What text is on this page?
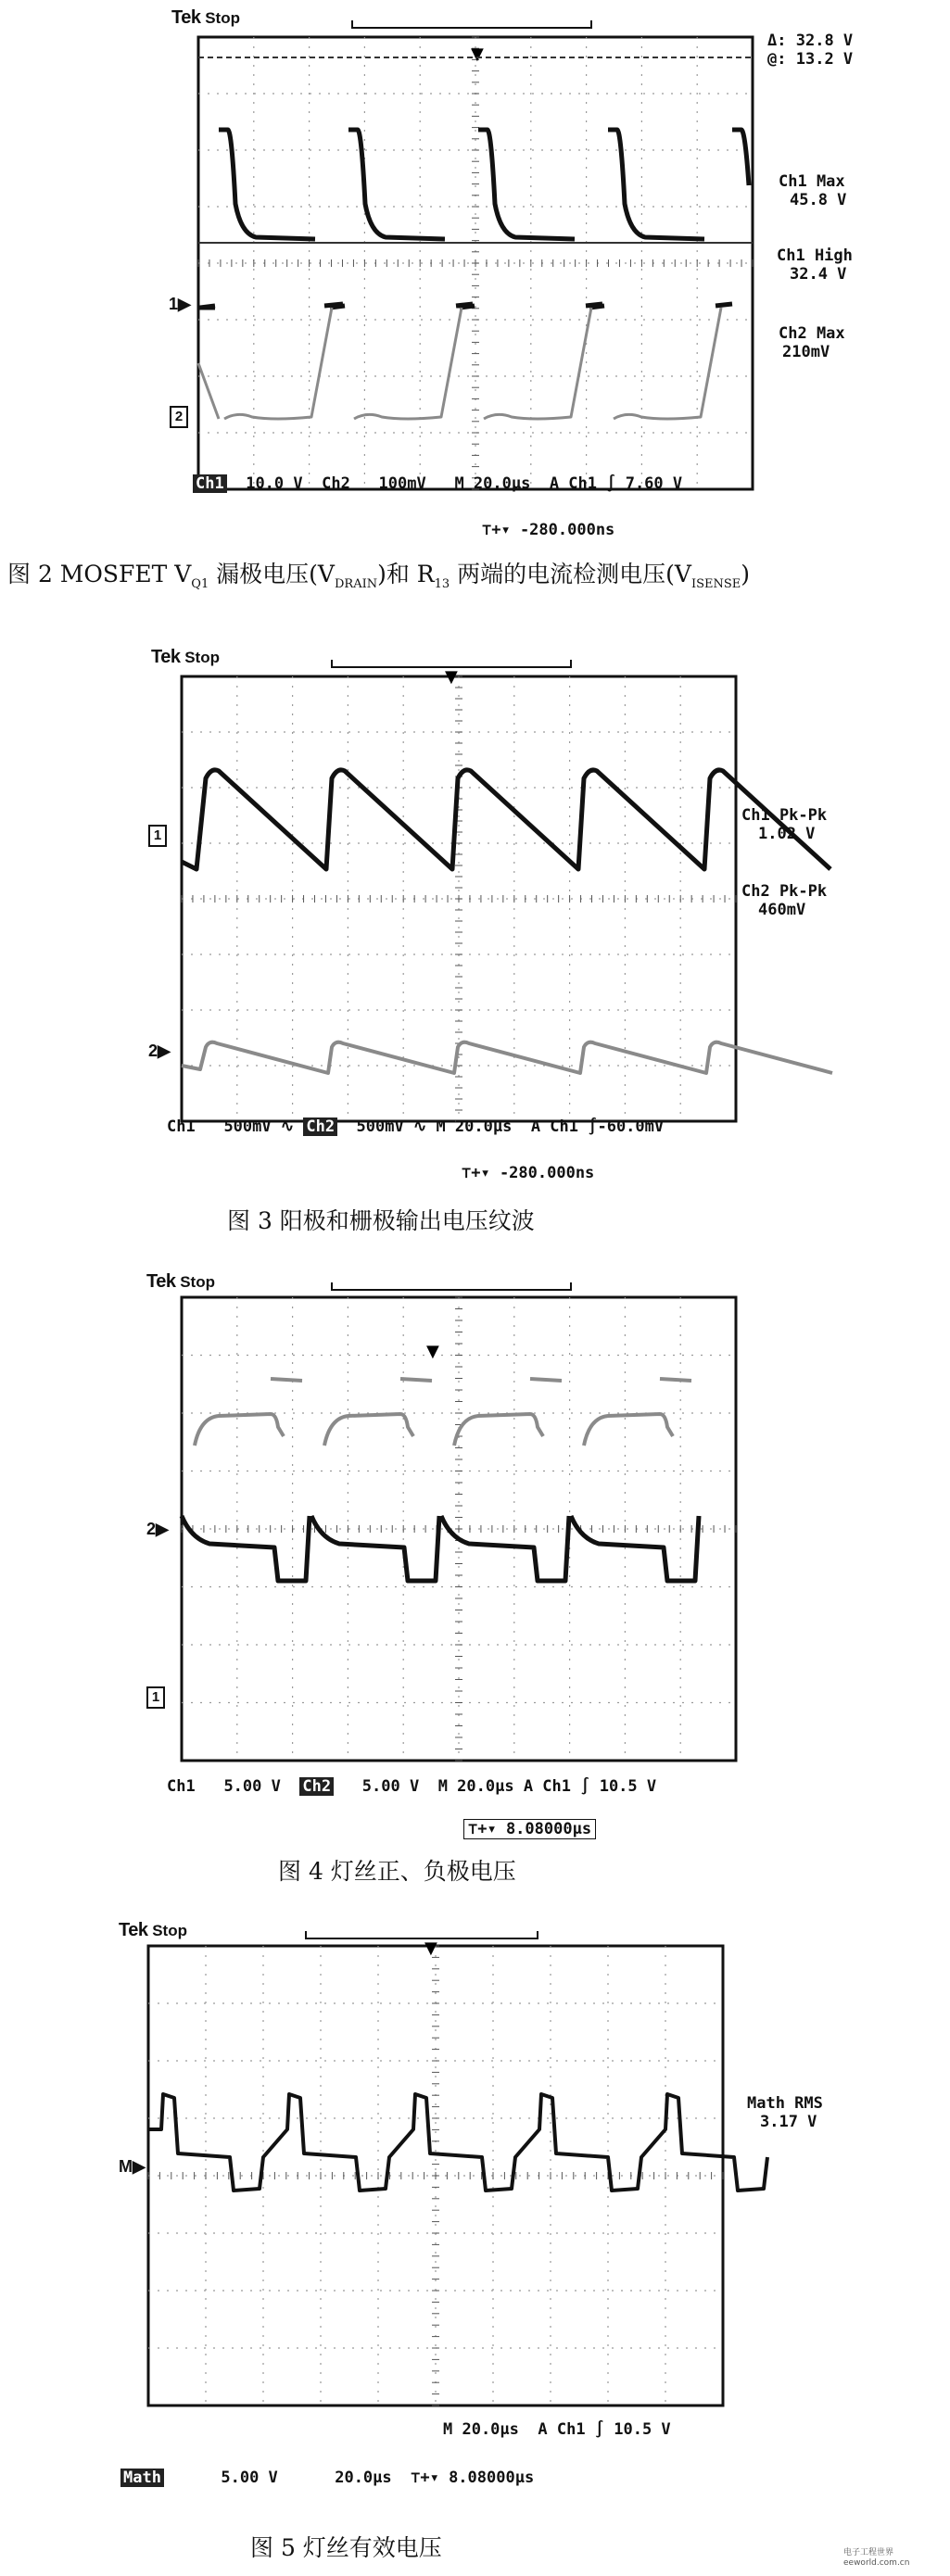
Tek Stop
▼
1▶
2
Δ: 32.8 V
@: 13.2 V
Ch1 Max
45.8 V
Ch1 High
32.4 V
Ch2 Max
210mV
Ch1 10.0 V Ch2 100mV M 20.0µs A Ch1 ∫ 7.60 V
⊤+▾ -280.000ns
图 2 MOSFET $V_{Q1}$ 漏极电压$(V_{DRAIN})$和 $R_{13}$ 两端的电流检测电压$(V_{ISENSE})$
Tek Stop
▼
1
2▶
Ch1 Pk-Pk
1.02 V
Ch2 Pk-Pk
460mV
Ch1 500mV ∿ Ch2 500mV ∿ M 20.0µs A Ch1 ∫-60.0mV
⊤+▾ -280.000ns
图 3 阳极和栅极输出电压纹波
Tek Stop
▼
2▶
1
Ch1 5.00 V Ch2 5.00 V M 20.0µs A Ch1 ∫ 10.5 V
⊤+▾ 8.08000µs
图 4 灯丝正、负极电压
Tek Stop
▼
M▶
Math RMS
3.17 V
M 20.0µs A Ch1 ∫ 10.5 V
Math	5.00 V	20.0µs ⊤+▾ 8.08000µs
图 5 灯丝有效电压	电子工程世界 eeworld.com.cn
